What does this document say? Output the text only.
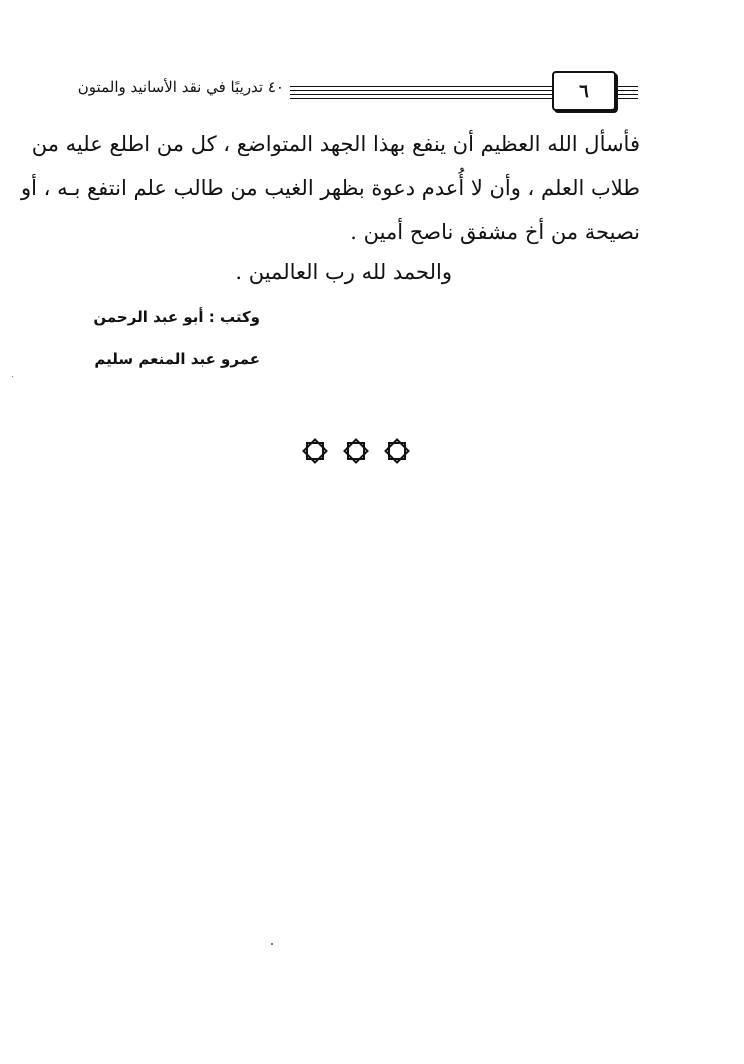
٤٠ تدريبًا في نقد الأسانيد والمتون	٦
فأسأل الله العظيم أن ينفع بهذا الجهد المتواضع ، كل من اطلع عليه من
طلاب العلم ، وأن لا أُعدم دعوة بظهر الغيب من طالب علم انتفع بـه ، أو
نصيحة من أخ مشفق ناصح أمين .
والحمد لله رب العالمين .
وكتب : أبو عبد الرحمن
عمرو عبد المنعم سليم
